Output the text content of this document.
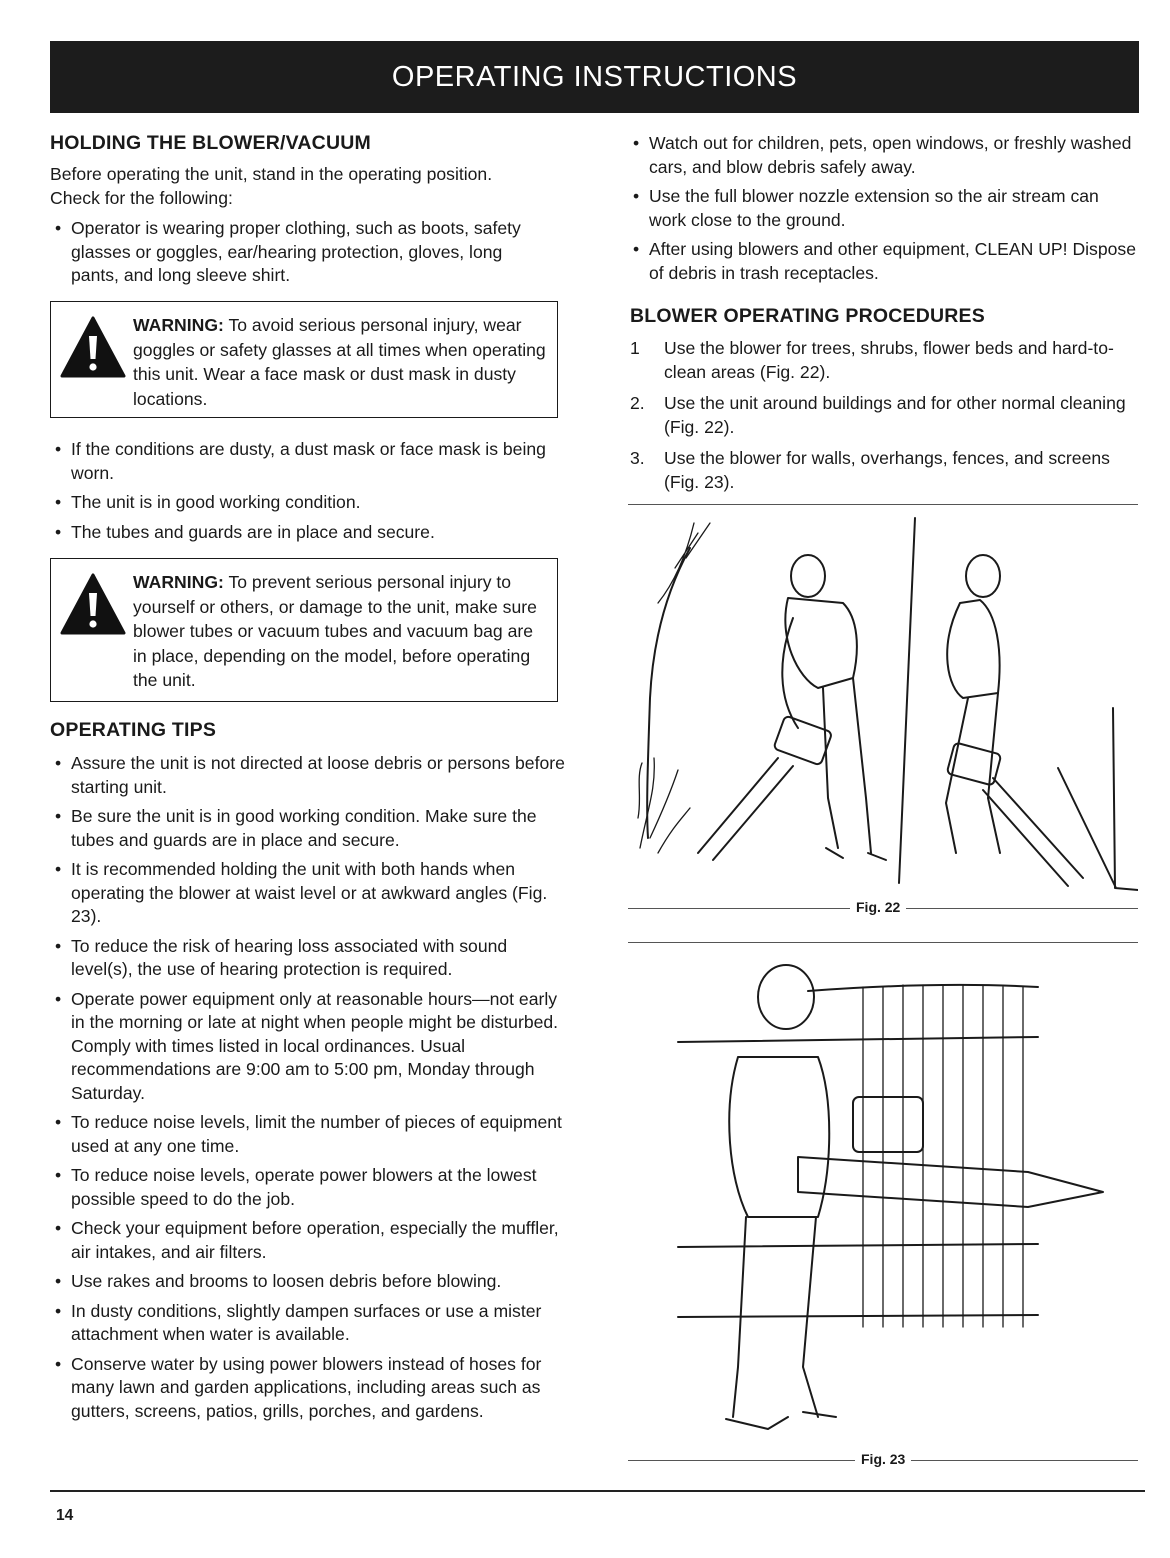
OPERATING INSTRUCTIONS
HOLDING THE BLOWER/VACUUM

Before operating the unit, stand in the operating position.

Check for the following:

• Operator is wearing proper clothing, such as boots, safety glasses or goggles, ear/hearing protection, gloves, long pants, and long sleeve shirt.
WARNING: To avoid serious personal injury, wear goggles or safety glasses at all times when operating this unit. Wear a face mask or dust mask in dusty locations.
• If the conditions are dusty, a dust mask or face mask is being worn.
• The unit is in good working condition.
• The tubes and guards are in place and secure.
WARNING: To prevent serious personal injury to yourself or others, or damage to the unit, make sure blower tubes or vacuum tubes and vacuum bag are in place, depending on the model, before operating the unit.
OPERATING TIPS
• Assure the unit is not directed at loose debris or persons before starting unit.
• Be sure the unit is in good working condition. Make sure the tubes and guards are in place and secure.
• It is recommended holding the unit with both hands when operating the blower at waist level or at awkward angles (Fig. 23).
• To reduce the risk of hearing loss associated with sound level(s), the use of hearing protection is required.
• Operate power equipment only at reasonable hours—not early in the morning or late at night when people might be disturbed. Comply with times listed in local ordinances. Usual recommendations are 9:00 am to 5:00 pm, Monday through Saturday.
• To reduce noise levels, limit the number of pieces of equipment used at any one time.
• To reduce noise levels, operate power blowers at the lowest possible speed to do the job.
• Check your equipment before operation, especially the muffler, air intakes, and air filters.
• Use rakes and brooms to loosen debris before blowing.
• In dusty conditions, slightly dampen surfaces or use a mister attachment when water is available.
• Conserve water by using power blowers instead of hoses for many lawn and garden applications, including areas such as gutters, screens, patios, grills, porches, and gardens.
• Watch out for children, pets, open windows, or freshly washed cars, and blow debris safely away.
• Use the full blower nozzle extension so the air stream can work close to the ground.
• After using blowers and other equipment, CLEAN UP! Dispose of debris in trash receptacles.
BLOWER OPERATING PROCEDURES
1 Use the blower for trees, shrubs, flower beds and hard-to-clean areas (Fig. 22).
2. Use the unit around buildings and for other normal cleaning (Fig. 22).
3. Use the blower for walls, overhangs, fences, and screens (Fig. 23).
Fig. 22
Fig. 23
14
